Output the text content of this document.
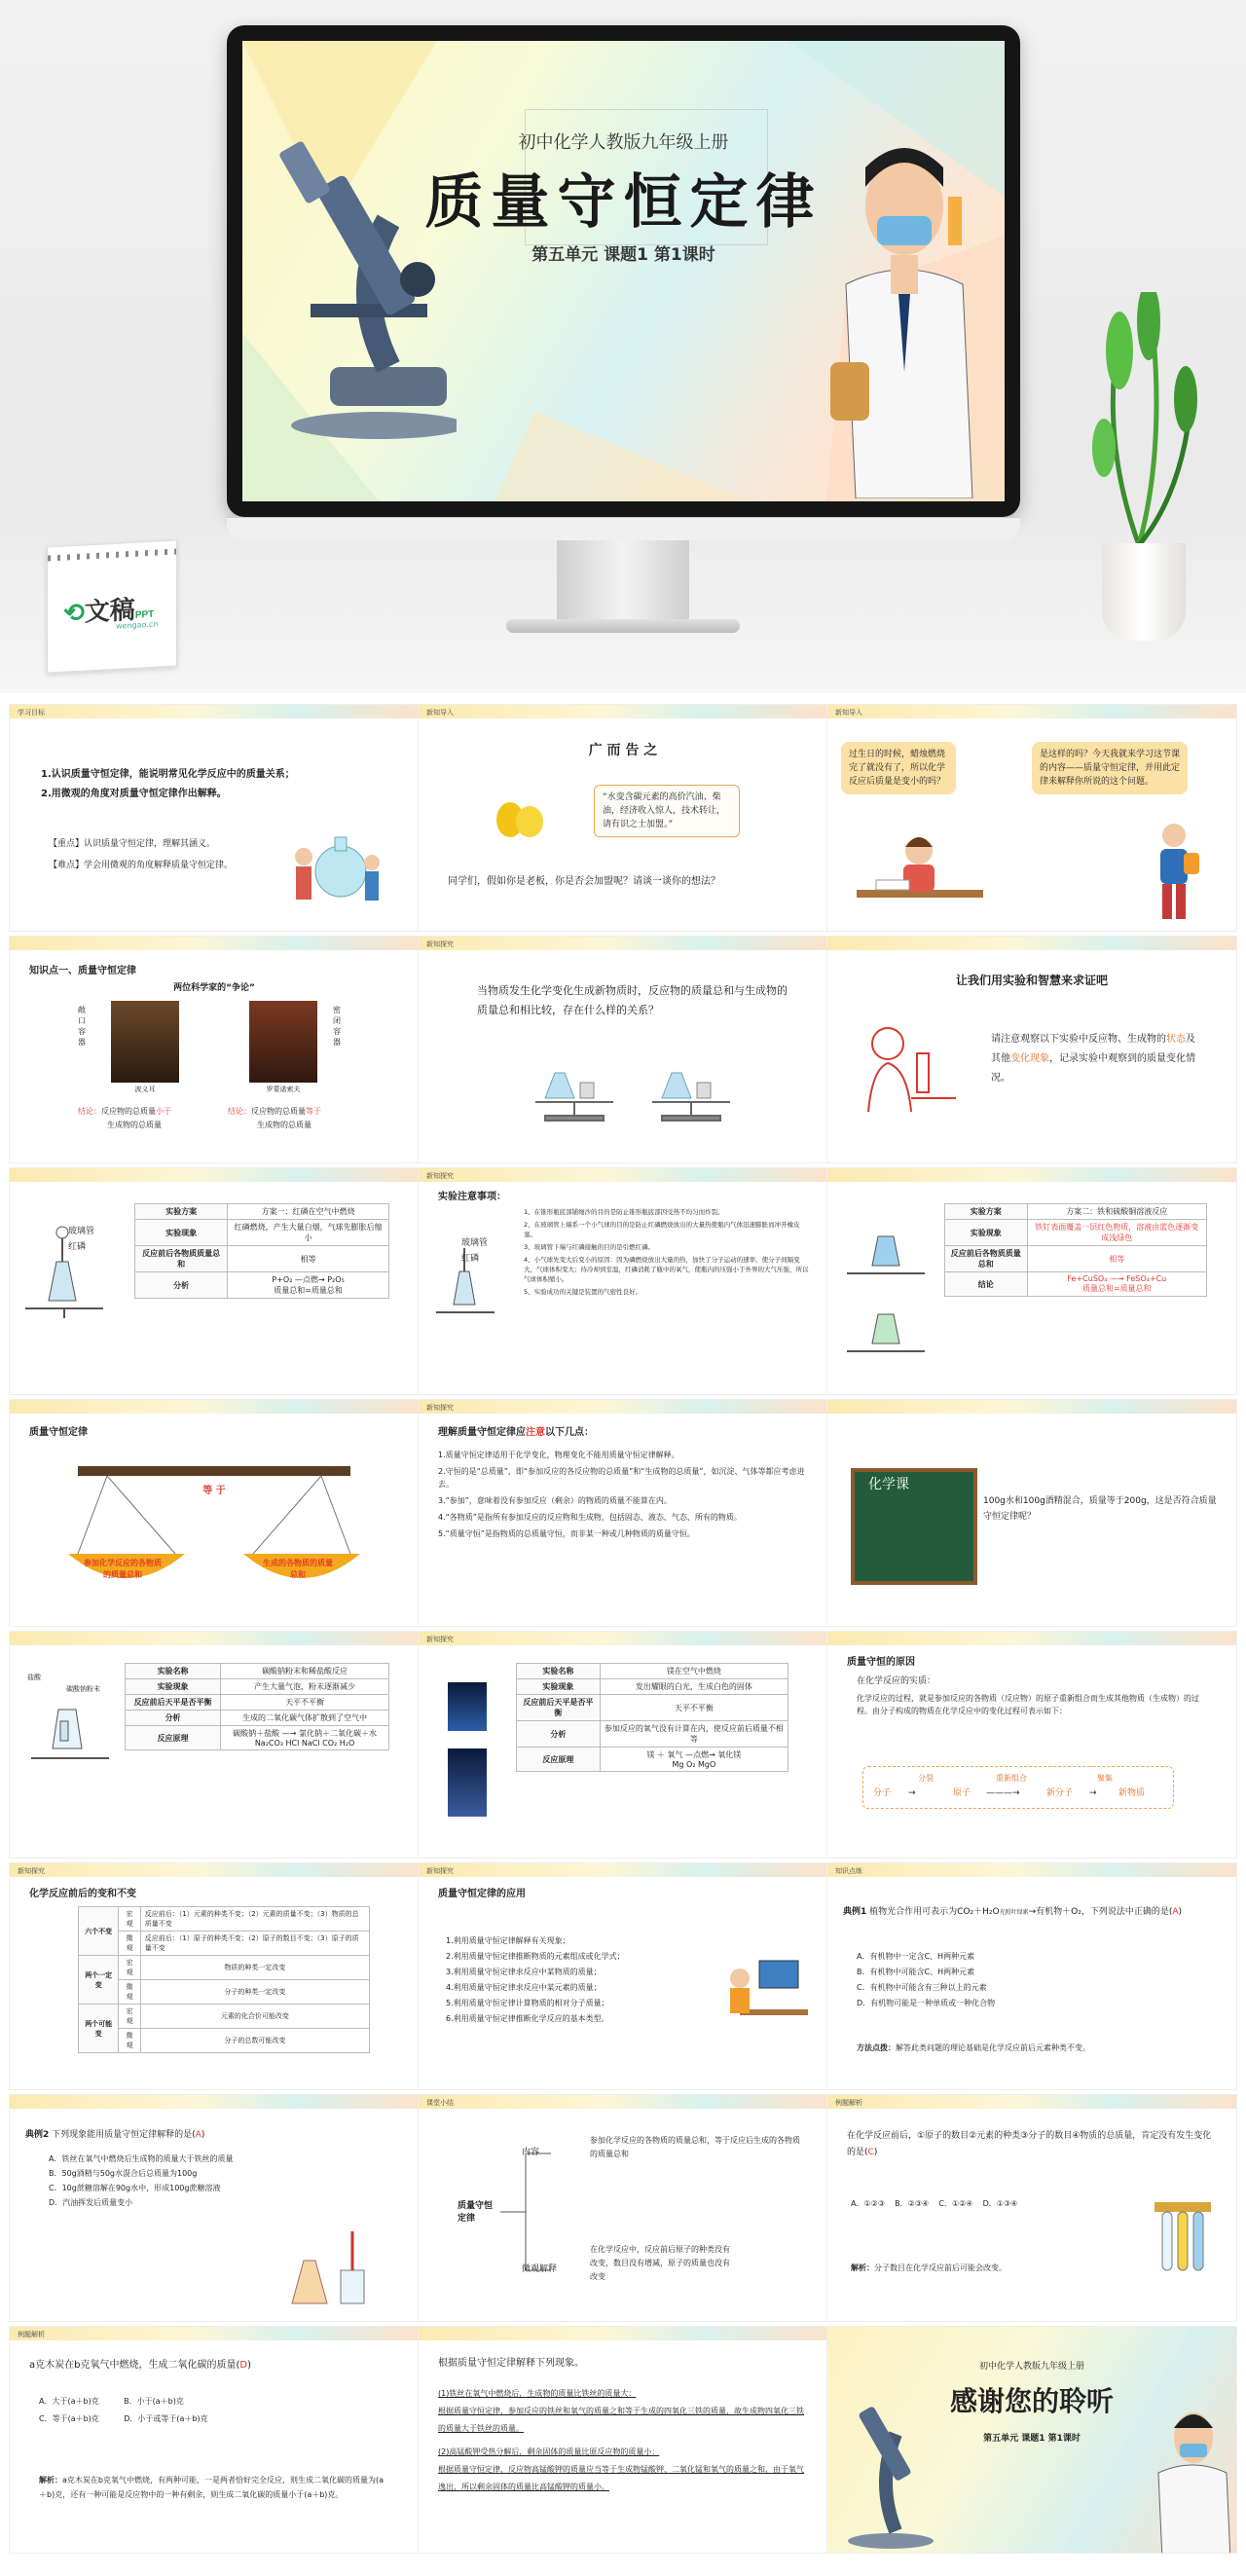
初中化学人教版九年级上册
质量守恒定律
第五单元 课题1 第1课时
⟲文稿PPT
wengao.cn
学习目标
1.认识质量守恒定律，能说明常见化学反应中的质量关系；
2.用微观的角度对质量守恒定律作出解释。
【重点】认识质量守恒定律，理解其涵义。
【难点】学会用微观的角度解释质量守恒定律。
新知导入
广 而 告 之
“水变含碳元素的高价汽油、柴油，经济收入惊人，技术转让，请有识之士加盟。”
同学们，假如你是老板，你是否会加盟呢？请谈一谈你的想法？
新知导入
过生日的时候，蜡烛燃烧完了就没有了，所以化学反应后质量是变小的吗？
是这样的吗？今天我就来学习这节课的内容——质量守恒定律，并用此定律来解释你所说的这个问题。
知识点一、质量守恒定律
两位科学家的“争论”
敞口容器
波义耳	罗蒙诺索夫
密闭容器
结论：反应物的总质量小于
生成物的总质量
结论：反应物的总质量等于
生成物的总质量
新知探究
当物质发生化学变化生成新物质时，反应物的质量总和与生成物的质量总和相比较，存在什么样的关系？
让我们用实验和智慧来求证吧
请注意观察以下实验中反应物、生成物的状态及其他变化现象，记录实验中观察到的质量变化情况。
玻璃管
红磷
实验方案	方案一：红磷在空气中燃烧
实验现象	红磷燃烧，产生大量白烟，气球先膨胀后缩小
反应前后各物质质量总和	相等
分析	P+O₂ —点燃→ P₂O₅
质量总和=质量总和
新知探究
实验注意事项：
玻璃管
红磷
1、在锥形瓶底部铺细沙的目的是防止锥形瓶底部因受热不均匀而炸裂。
2、在玻璃管上端系一个小气球的目的是防止红磷燃烧放出的大量热使瓶内气体迅速膨胀而冲开橡皮塞。
3、玻璃管下端与红磷接触的目的是引燃红磷。
4、小气球先变大后变小的原因：因为磷燃烧放出大量的热，加快了分子运动的速率，使分子间隔变大，气球体积变大；待冷却到室温，红磷消耗了瓶中的氧气，使瓶内的压强小于外界的大气压强，所以气球体积缩小。
5、实验成功的关键是装置的气密性良好。
实验方案	方案二：铁和硫酸铜溶液反应
实验现象	铁钉表面覆盖一层红色物质，溶液由蓝色逐渐变成浅绿色
反应前后各物质质量总和	相等
结论	Fe+CuSO₄ —→ FeSO₄+Cu
质量总和=质量总和
质量守恒定律
等 于
参加化学反应的各物质的质量总和
生成的各物质的质量总和
新知探究
理解质量守恒定律应注意以下几点：
1.质量守恒定律适用于化学变化，物理变化不能用质量守恒定律解释。
2.守恒的是“总质量”，即“参加反应的各反应物的总质量”和“生成物的总质量”，如沉淀、气体等都应考虑进去。
3.“参加”，意味着没有参加反应（剩余）的物质的质量不能算在内。
4.“各物质”是指所有参加反应的反应物和生成物，包括固态、液态、气态、所有的物质。
5.“质量守恒”是指物质的总质量守恒，而非某一种或几种物质的质量守恒。
化学课
100g水和100g酒精混合，质量等于200g，这是否符合质量守恒定律呢？
盐酸
碳酸钠粉末
实验名称	碳酸钠粉末和稀盐酸反应
实验现象	产生大量气泡，粉末逐渐减少
反应前后天平是否平衡	天平不平衡
分析	生成的二氧化碳气体扩散到了空气中
反应原理	碳酸钠＋盐酸 —→ 氯化钠＋二氧化碳＋水
Na₂CO₃ HCl NaCl CO₂ H₂O
新知探究
实验名称	镁在空气中燃烧
实验现象	发出耀眼的白光，生成白色的固体
反应前后天平是否平衡	天平不平衡
分析	参加反应的氧气没有计算在内，使反应前后质量不相等
反应原理	镁 ＋ 氧气 —点燃→ 氧化镁
Mg O₂ MgO
质量守恒的原因
在化学反应的实质：
化学反应的过程，就是参加反应的各物质（反应物）的原子重新组合而生成其他物质（生成物）的过程。由分子构成的物质在化学反应中的变化过程可表示如下：
分子
分裂
→	原子
重新组合
———→	新分子
聚集
→ 新物质
新知探究
化学反应前后的变和不变
六个不变	宏观	反应前后：（1）元素的种类不变；（2）元素的质量不变；（3）物质的总质量不变
	微观	反应前后：（1）原子的种类不变；（2）原子的数目不变；（3）原子的质量不变
两个一定变	宏观	物质的种类一定改变
	微观	分子的种类一定改变
两个可能变	宏观	元素的化合价可能改变
	微观	分子的总数可能改变
新知探究
质量守恒定律的应用
1.利用质量守恒定律解释有关现象；
2.利用质量守恒定律推断物质的元素组成或化学式；
3.利用质量守恒定律求反应中某物质的质量；
4.利用质量守恒定律求反应中某元素的质量；
5.利用质量守恒定律计算物质的相对分子质量；
6.利用质量守恒定律推断化学反应的基本类型。
知识点练
典例1 植物光合作用可表示为CO₂＋H₂O光照叶绿素→有机物＋O₂，下列说法中正确的是(A)
A．有机物中一定含C、H两种元素
B．有机物中可能含C、H两种元素
C．有机物中可能含有三种以上的元素
D．有机物可能是一种单质或一种化合物
方法点拨：解答此类问题的理论基础是化学反应前后元素种类不变。
典例2 下列现象能用质量守恒定律解释的是(A)
A．铁丝在氧气中燃烧后生成物的质量大于铁丝的质量
B．50g酒精与50g水混合后总质量为100g
C．10g蔗糖溶解在90g水中，形成100g蔗糖溶液
D．汽油挥发后质量变小
课堂小结
质量守恒定律
内容
参加化学反应的各物质的质量总和，等于反应后生成的各物质的质量总和
微观解释
在化学反应中，反应前后原子的种类没有改变，数目没有增减，原子的质量也没有改变
例题解析
在化学反应前后，①原子的数目②元素的种类③分子的数目④物质的总质量，肯定没有发生变化的是(C)
A．①②③ B．②③④ C．①②④ D．①③④
解析：分子数目在化学反应前后可能会改变。
例题解析
a克木炭在b克氧气中燃烧，生成二氧化碳的质量(D)
A．大于(a＋b)克	B．小于(a＋b)克
C．等于(a＋b)克	D．小于或等于(a＋b)克
解析：a克木炭在b克氧气中燃烧，有两种可能，一是两者恰好完全反应，则生成二氧化碳的质量为(a＋b)克，还有一种可能是反应物中的一种有剩余，则生成二氧化碳的质量小于(a＋b)克。
根据质量守恒定律解释下列现象。
(1)铁丝在氧气中燃烧后，生成物的质量比铁丝的质量大：
根据质量守恒定律，参加反应的铁丝和氧气的质量之和等于生成的四氧化三铁的质量，故生成物四氧化三铁的质量大于铁丝的质量。
(2)高锰酸钾受热分解后，剩余固体的质量比原反应物的质量小：
根据质量守恒定律，反应物高锰酸钾的质量应当等于生成物锰酸钾、二氧化锰和氧气的质量之和，由于氧气逸出，所以剩余固体的质量比高锰酸钾的质量小。
初中化学人教版九年级上册
感谢您的聆听
第五单元 课题1 第1课时
